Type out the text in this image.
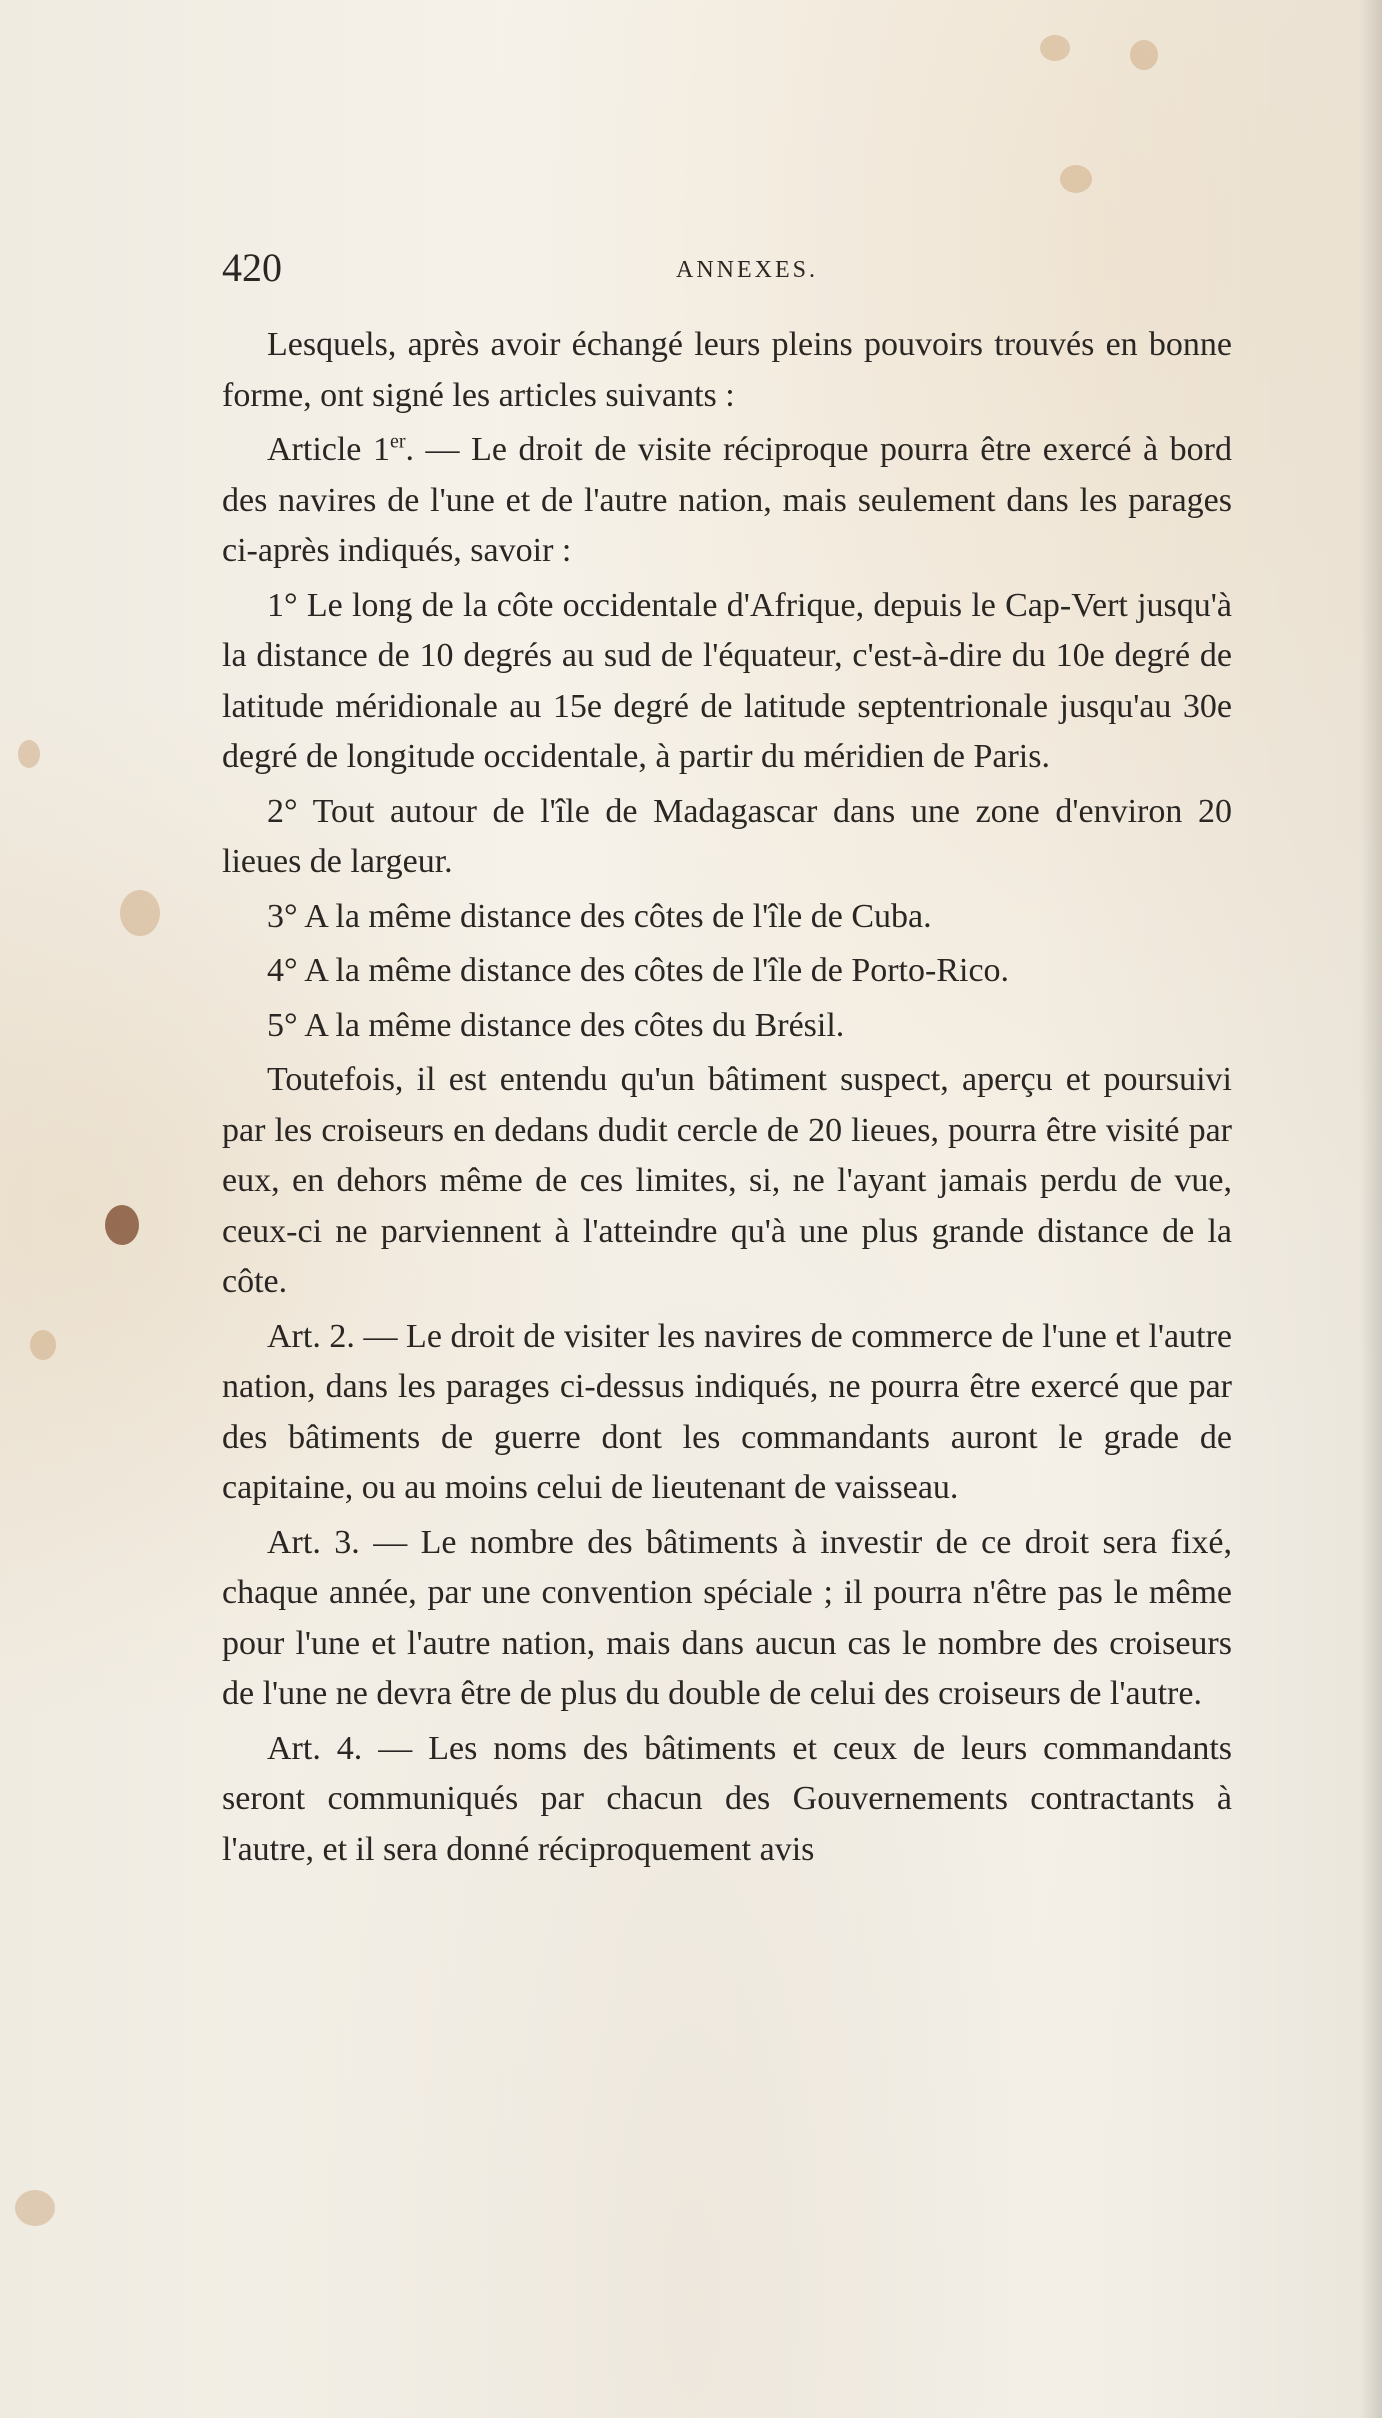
420	ANNEXES.

Lesquels, après avoir échangé leurs pleins pouvoirs trouvés en bonne forme, ont signé les articles suivants :

Article 1er. — Le droit de visite réciproque pourra être exercé à bord des navires de l'une et de l'autre nation, mais seulement dans les parages ci-après indiqués, savoir :

1° Le long de la côte occidentale d'Afrique, depuis le Cap-Vert jusqu'à la distance de 10 degrés au sud de l'équateur, c'est-à-dire du 10e degré de latitude méridionale au 15e degré de latitude septentrionale jusqu'au 30e degré de longitude occidentale, à partir du méridien de Paris.

2° Tout autour de l'île de Madagascar dans une zone d'environ 20 lieues de largeur.

3° A la même distance des côtes de l'île de Cuba.

4° A la même distance des côtes de l'île de Porto-Rico.

5° A la même distance des côtes du Brésil.

Toutefois, il est entendu qu'un bâtiment suspect, aperçu et poursuivi par les croiseurs en dedans dudit cercle de 20 lieues, pourra être visité par eux, en dehors même de ces limites, si, ne l'ayant jamais perdu de vue, ceux-ci ne parviennent à l'atteindre qu'à une plus grande distance de la côte.

Art. 2. — Le droit de visiter les navires de commerce de l'une et l'autre nation, dans les parages ci-dessus indiqués, ne pourra être exercé que par des bâtiments de guerre dont les commandants auront le grade de capitaine, ou au moins celui de lieutenant de vaisseau.

Art. 3. — Le nombre des bâtiments à investir de ce droit sera fixé, chaque année, par une convention spéciale ; il pourra n'être pas le même pour l'une et l'autre nation, mais dans aucun cas le nombre des croiseurs de l'une ne devra être de plus du double de celui des croiseurs de l'autre.

Art. 4. — Les noms des bâtiments et ceux de leurs commandants seront communiqués par chacun des Gouvernements contractants à l'autre, et il sera donné réciproquement avis
